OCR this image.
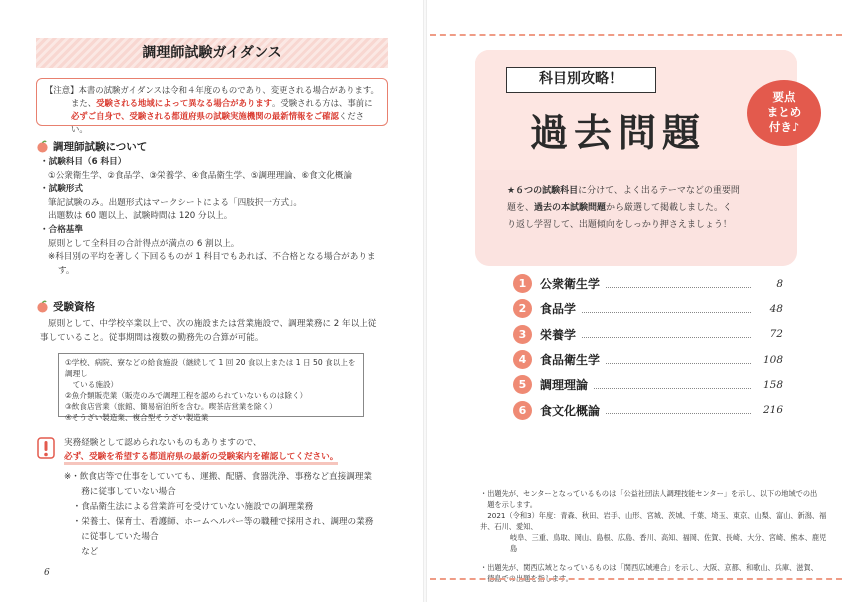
調理師試験ガイダンス
【注意】本書の試験ガイダンスは令和４年度のものであり、変更される場合があります。
また、受験される地域によって異なる場合があります。受験される方は、事前に
必ずご自身で、受験される都道府県の試験実施機関の最新情報をご確認ください。
調理師試験について
・試験科目（6 科目）
①公衆衛生学、②食品学、③栄養学、④食品衛生学、⑤調理理論、⑥食文化概論
・試験形式
筆記試験のみ。出題形式はマークシートによる「四肢択一方式」。
出題数は 60 題以上、試験時間は 120 分以上。
・合格基準
原則として全科目の合計得点が満点の 6 割以上。
※科目別の平均を著しく下回るものが 1 科目でもあれば、不合格となる場合がありま
す。
受験資格
原則として、中学校卒業以上で、次の施設または営業施設で、調理業務に 2 年以上従
事していること。従事期間は複数の勤務先の合算が可能。
①学校、病院、寮などの給食施設（継続して 1 回 20 食以上または 1 日 50 食以上を調理し
　ている施設）
②魚介類販売業（販売のみで調理工程を認められていないものは除く）
③飲食店営業（旅館、簡易宿泊所を含む。喫茶店営業を除く）
④そうざい製造業、複合型そうざい製造業
実務経験として認められないものもありますので、
必ず、受験を希望する都道府県の最新の受験案内を確認してください。
※・飲食店等で仕事をしていても、運搬、配膳、食器洗浄、事務など直接調理業
　　務に従事していない場合
　・食品衛生法による営業許可を受けていない施設での調理業務
　・栄養士、保育士、看護師、ホームヘルパー等の職種で採用され、調理の業務
　　に従事していた場合
　　など
6
科目別攻略！
過去問題
要点
まとめ
付き♪
★６つの試験科目に分けて、よく出るテーマなどの重要問
題を、過去の本試験問題から厳選して掲載しました。く
り返し学習して、出題傾向をしっかり押さえましょう！
1	公衆衛生学	8
2	食品学	48
3	栄養学	72
4	食品衛生学	108
5	調理理論	158
6	食文化概論	216
・出題先が、センターとなっているものは「公益社団法人調理技能センター」を示し、以下の地域での出
　題を示します。
　2021（令和3）年度：青森、秋田、岩手、山形、宮城、茨城、千葉、埼玉、東京、山梨、富山、新潟、福井、石川、愛知、
岐阜、三重、鳥取、岡山、島根、広島、香川、高知、福岡、佐賀、長崎、大分、宮崎、熊本、鹿児島
・出題先が、関西広域となっているものは「関西広域連合」を示し、大阪、京都、和歌山、兵庫、滋賀、
　徳島での出題を指します。
